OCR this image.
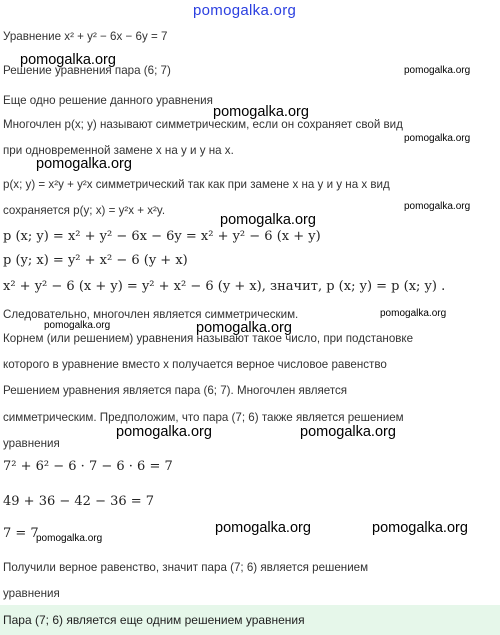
pomogalka.org
Уравнение x² + y² − 6x − 6y = 7
Решение уравнения пара (6; 7)
Еще одно решение данного уравнения
Многочлен p(x; y) называют симметрическим, если он сохраняет свой вид
при одновременной замене x на y и y на x.
p(x; y) = x²y + y²x симметрический так как при замене x на y и y на x вид
сохраняется p(y; x) = y²x + x²y.
p (x; y) = x² + y² − 6x − 6y = x² + y² − 6 (x + y)
p (y; x) = y² + x² − 6 (y + x)
x² + y² − 6 (x + y) = y² + x² − 6 (y + x), значит, p (x; y) = p (x; y) .
Следовательно, многочлен является симметрическим.
Корнем (или решением) уравнения называют такое число, при подстановке
которого в уравнение вместо x получается верное числовое равенство
Решением уравнения является пара (6; 7). Многочлен является
симметрическим. Предположим, что пара (7; 6) также является решением
уравнения
7² + 6² − 6 · 7 − 6 · 6 = 7
49 + 36 − 42 − 36 = 7
7 = 7
Получили верное равенство, значит пара (7; 6) является решением
уравнения
Пара (7; 6) является еще одним решением уравнения
pomogalka.org
pomogalka.org
pomogalka.org
pomogalka.org
pomogalka.org
pomogalka.org
pomogalka.org
pomogalka.org
pomogalka.org	pomogalka.org
pomogalka.org	pomogalka.org
pomogalka.org	pomogalka.org
pomogalka.org
